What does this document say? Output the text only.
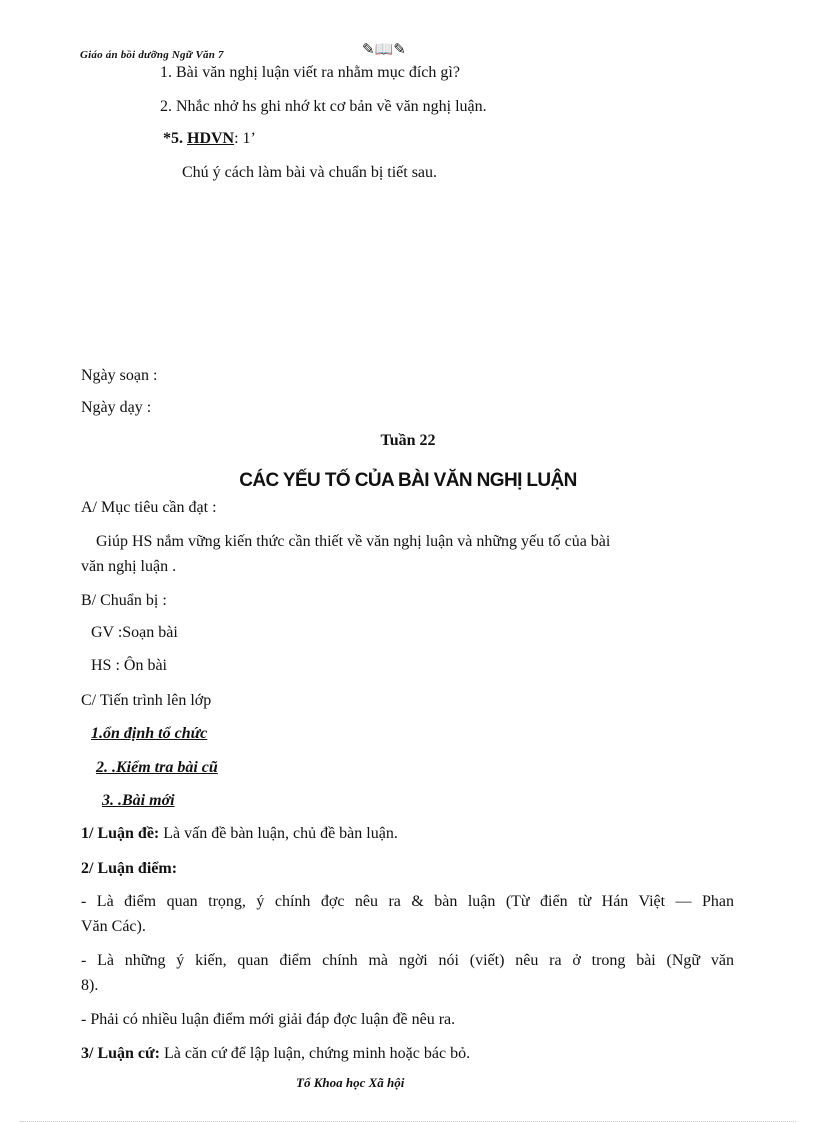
Giáo án bồi dưỡng Ngữ Văn 7	✎📖✎
1. Bài văn nghị luận viết ra nhằm mục đích gì?
2. Nhắc nhở hs ghi nhớ kt cơ bản về văn nghị luận.
*5. HDVN: 1’
Chú ý cách làm bài và chuẩn bị tiết sau.
Ngày soạn :
Ngày dạy :
Tuần 22
CÁC YẾU TỐ CỦA BÀI VĂN NGHỊ LUẬN
A/ Mục tiêu cần đạt :
Giúp HS nắm vững kiến thức cần thiết về văn nghị luận và những yếu tố của bài
văn nghị luận .
B/ Chuẩn bị :
GV :Soạn bài
HS : Ôn bài
C/ Tiến trình lên lớp
1.ổn định tổ chức
2. .Kiểm tra bài cũ
3. .Bài mới
1/ Luận đề: Là vấn đề bàn luận, chủ đề bàn luận.
2/ Luận điểm:
- Là điểm quan trọng, ý chính đợc nêu ra & bàn luận (Từ điển từ Hán Việt — Phan
Văn Các).
- Là những ý kiến, quan điểm chính mà ngời nói (viết) nêu ra ở trong bài (Ngữ văn
8).
- Phải có nhiều luận điểm mới giải đáp đợc luận đề nêu ra.
3/ Luận cứ: Là căn cứ để lập luận, chứng minh hoặc bác bỏ.
Tổ Khoa học Xã hội
